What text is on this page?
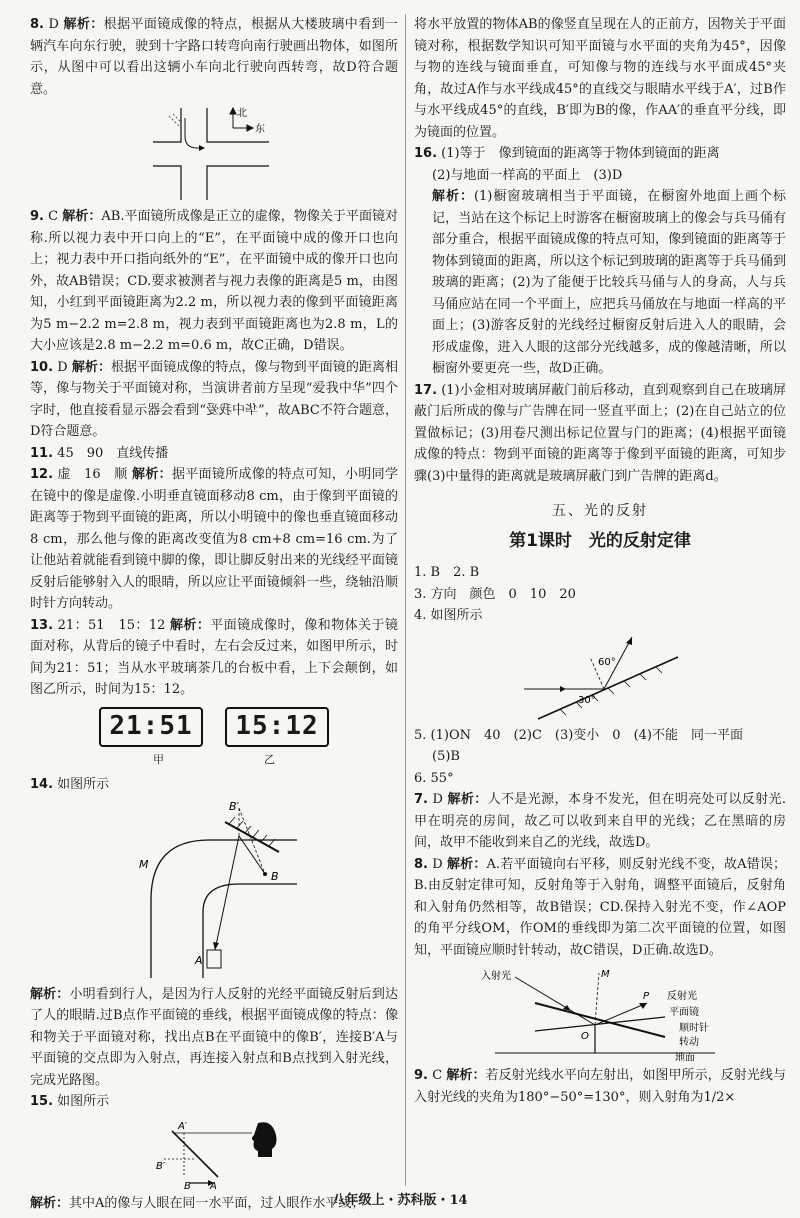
8. D 解析：根据平面镜成像的特点，根据从大楼玻璃中看到一辆汽车向东行驶，驶到十字路口转弯向南行驶画出物体，如图所示，从图中可以看出这辆小车向北行驶向西转弯，故D符合题意。

北
东

9. C 解析：AB.平面镜所成像是正立的虚像，物像关于平面镜对称.所以视力表中开口向上的“E”，在平面镜中成的像开口也向上；视力表中开口指向纸外的“E”，在平面镜中成的像开口也向外，故AB错误；CD.要求被测者与视力表像的距离是5 m，由图知，小红到平面镜距离为2.2 m，所以视力表的像到平面镜距离为5 m−2.2 m=2.8 m，视力表到平面镜距离也为2.8 m，L的大小应该是2.8 m−2.2 m=0.6 m，故C正确，D错误。

10. D 解析：根据平面镜成像的特点，像与物到平面镜的距离相等，像与物关于平面镜对称，当演讲者前方呈现“爱我中华”四个字时，他直接看显示器会看到“华中我爱”，故ABC不符合题意，D符合题意。

11. 45　90　直线传播

12. 虚　16　顺 解析：据平面镜所成像的特点可知，小明同学在镜中的像是虚像.小明垂直镜面移动8 cm，由于像到平面镜的距离等于物到平面镜的距离，所以小明镜中的像也垂直镜面移动8 cm，那么他与像的距离改变值为8 cm+8 cm=16 cm.为了让他站着就能看到镜中脚的像，即让脚反射出来的光线经平面镜反射后能够射入人的眼睛，所以应让平面镜倾斜一些，绕轴沿顺时针方向转动。

13. 21：51　15：12 解析：平面镜成像时，像和物体关于镜面对称，从背后的镜子中看时，左右会反过来，如图甲所示，时间为21：51；当从水平玻璃茶几的台板中看，上下会颠倒，如图乙所示，时间为15：12。

21:51	15:12
甲	乙

14. 如图所示

B′
M
B
A

解析：小明看到行人，是因为行人反射的光经平面镜反射后到达了人的眼睛.过B点作平面镜的垂线，根据平面镜成像的特点：像和物关于平面镜对称，找出点B在平面镜中的像B′，连接B′A与平面镜的交点即为入射点，再连接入射点和B点找到入射光线，完成光路图。

15. 如图所示

A′
B′
B A

解析：其中A的像与人眼在同一水平面，过人眼作水平线；

将水平放置的物体AB的像竖直呈现在人的正前方，因物关于平面镜对称，根据数学知识可知平面镜与水平面的夹角为45°，因像与物的连线与镜面垂直，可知像与物的连线与水平面成45°夹角，故过A作与水平线成45°的直线交与眼睛水平线于A′，过B作与水平线成45°的直线，B′即为B的像，作AA′的垂直平分线，即为镜面的位置。

16. (1)等于　像到镜面的距离等于物体到镜面的距离

(2)与地面一样高的平面上　(3)D

解析：(1)橱窗玻璃相当于平面镜，在橱窗外地面上画个标记，当站在这个标记上时游客在橱窗玻璃上的像会与兵马俑有部分重合，根据平面镜成像的特点可知，像到镜面的距离等于物体到镜面的距离，所以这个标记到玻璃的距离等于兵马俑到玻璃的距离；(2)为了能便于比较兵马俑与人的身高，人与兵马俑应站在同一个平面上，应把兵马俑放在与地面一样高的平面上；(3)游客反射的光线经过橱窗反射后进入人的眼睛，会形成虚像，进入人眼的这部分光线越多，成的像越清晰，所以橱窗外要更亮一些，故D正确。

17. (1)小金相对玻璃屏蔽门前后移动，直到观察到自己在玻璃屏蔽门后所成的像与广告牌在同一竖直平面上；(2)在自己站立的位置做标记；(3)用卷尺测出标记位置与门的距离；(4)根据平面镜成像的特点：物到平面镜的距离等于像到平面镜的距离，可知步骤(3)中量得的距离就是玻璃屏蔽门到广告牌的距离d。

五、光的反射
第1课时　光的反射定律

1. B　2. B

3. 方向　颜色　0　10　20

4. 如图所示

60°
30°

5. (1)ON　40　(2)C　(3)变小　0　(4)不能　同一平面

(5)B

6. 55°

7. D 解析：人不是光源，本身不发光，但在明亮处可以反射光.甲在明亮的房间，故乙可以收到来自甲的光线；乙在黑暗的房间，故甲不能收到来自乙的光线，故选D。

8. D 解析：A.若平面镜向右平移，则反射光线不变，故A错误；B.由反射定律可知，反射角等于入射角，调整平面镜后，反射角和入射角仍然相等，故B错误；CD.保持入射光不变，作∠AOP的角平分线OM，作OM的垂线即为第二次平面镜的位置，如图知，平面镜应顺时针转动，故C错误，D正确.故选D。

入射光	M
P 反射光
平面镜
顺时针
转动
O
地面

9. C 解析：若反射光线水平向左射出，如图甲所示，反射光线与入射光线的夹角为180°−50°=130°，则入射角为1/2×

八年级上・苏科版・14
